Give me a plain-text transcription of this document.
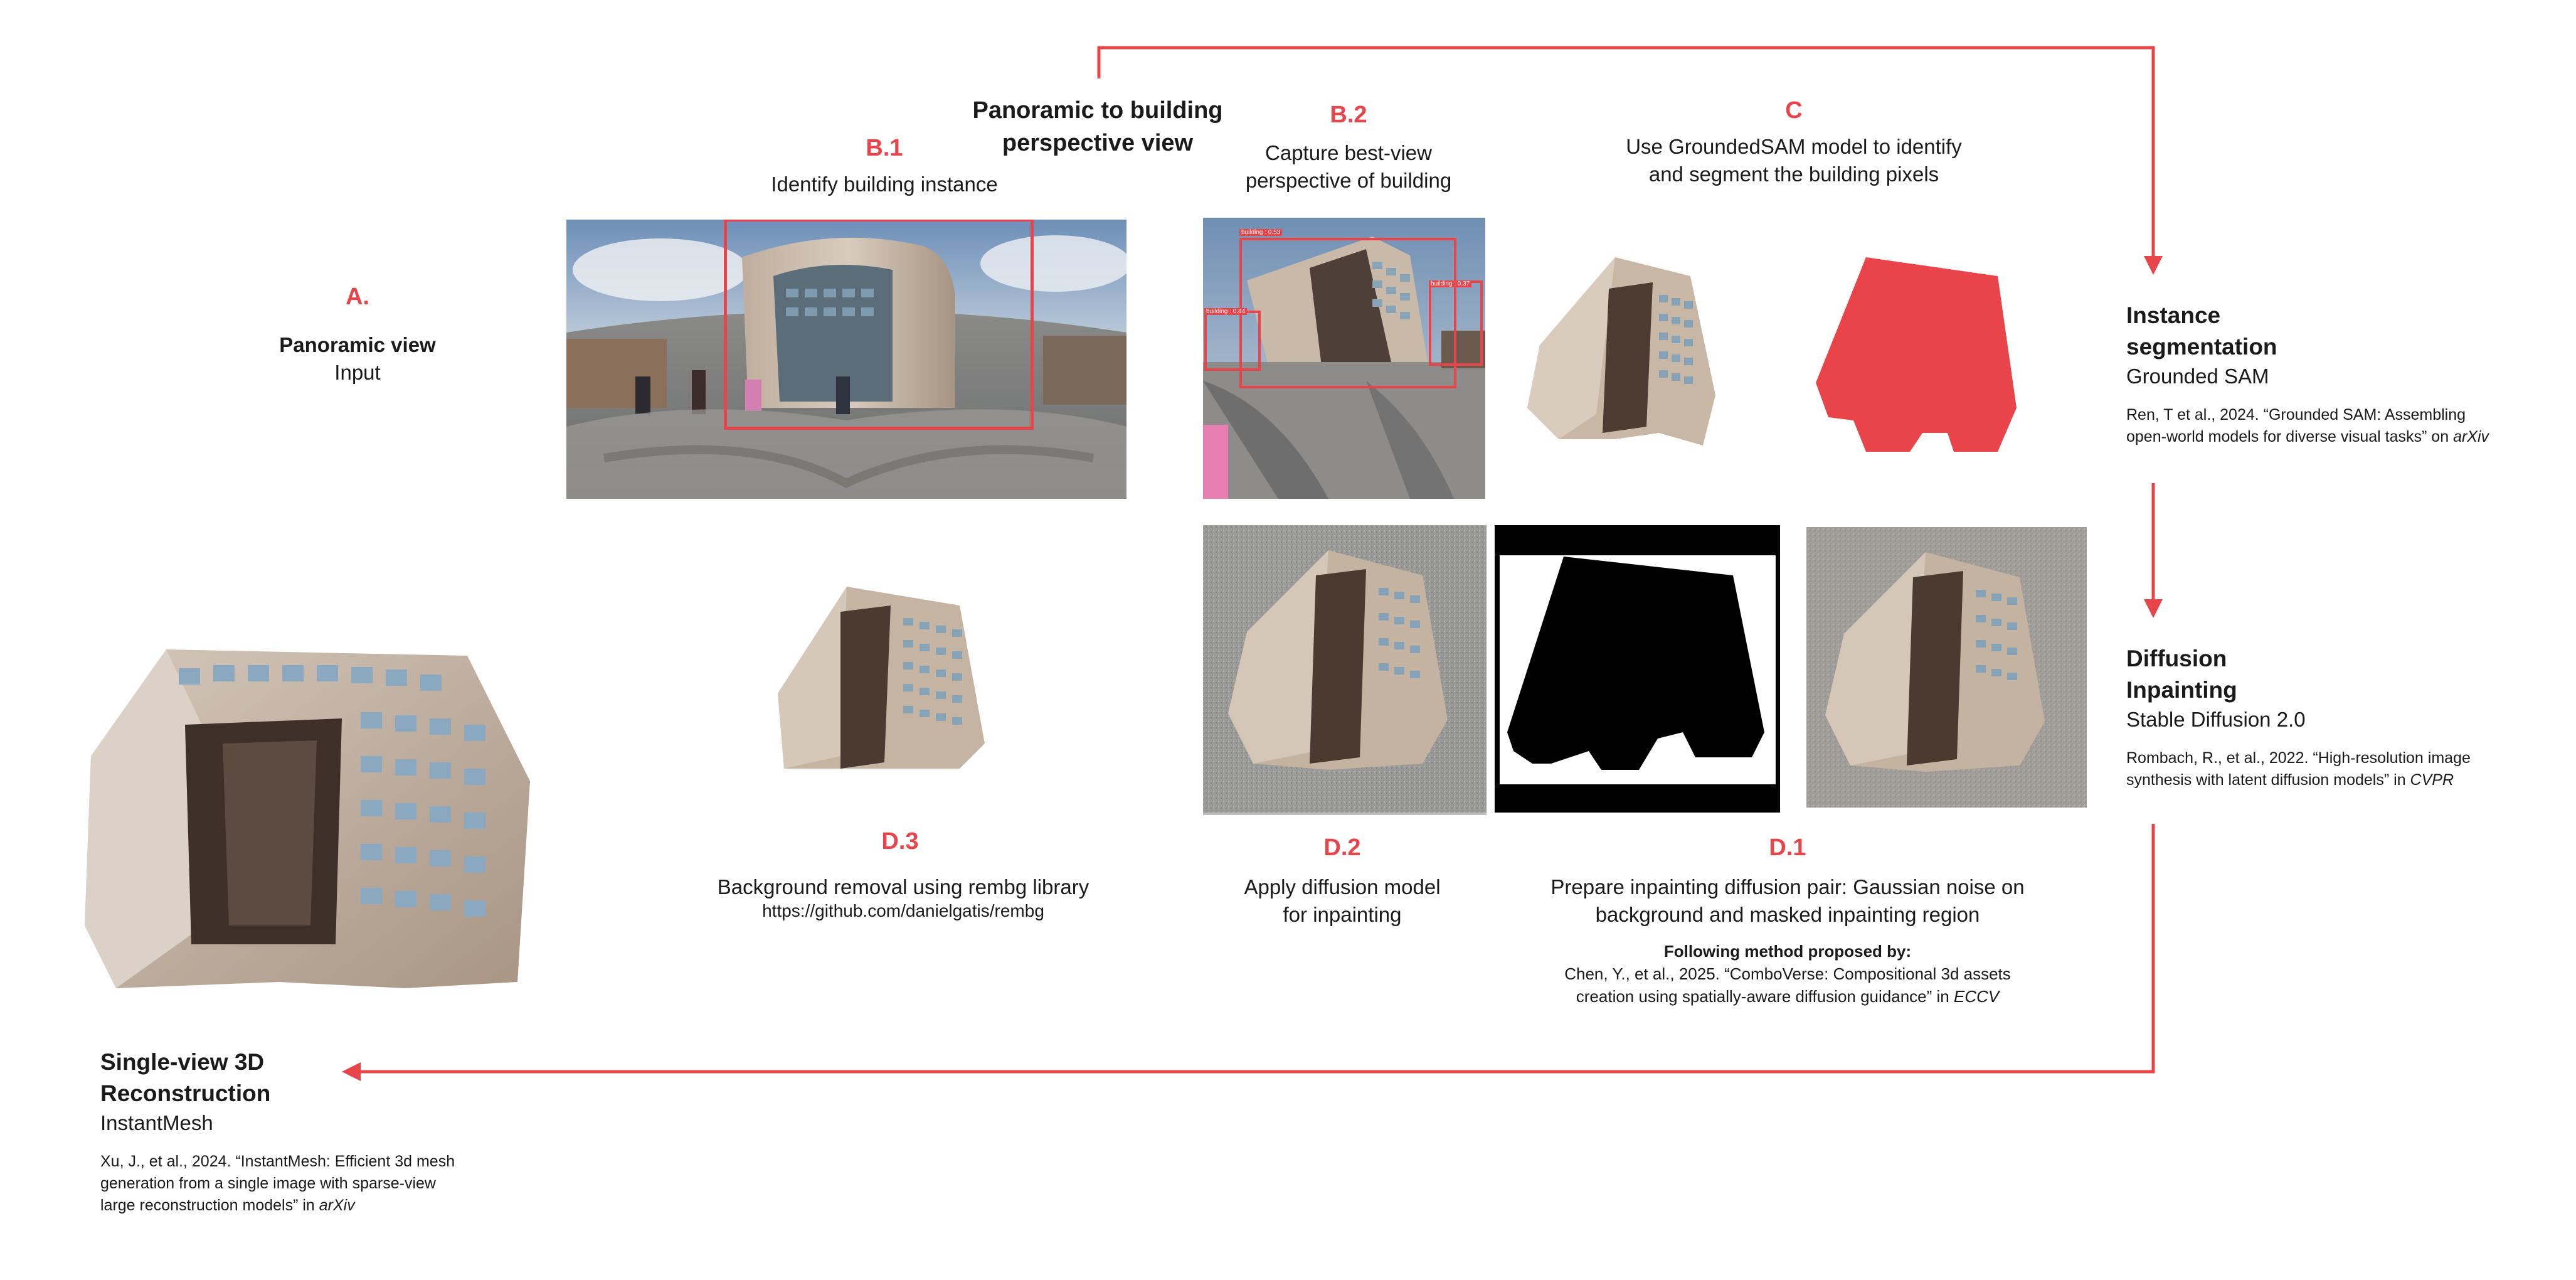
Panoramic to building
perspective view
A.
Panoramic view
Input
B.1
Identify building instance
B.2
Capture best-view
perspective of building
building : 0.53
building : 0.44
building : 0.37
C
Use GroundedSAM model to identify
and segment the building pixels
D.3
Background removal using rembg library
https://github.com/danielgatis/rembg
D.2
Apply diffusion model
for inpainting
D.1
Prepare inpainting diffusion pair: Gaussian noise on
background and masked inpainting region
Following method proposed by:
Chen, Y., et al., 2025. “ComboVerse: Compositional 3d assets
creation using spatially-aware diffusion guidance” in ECCV
Instance
segmentation
Grounded SAM
Ren, T et al., 2024. “Grounded SAM: Assembling
open-world models for diverse visual tasks” on arXiv
Diffusion
Inpainting
Stable Diffusion 2.0
Rombach, R., et al., 2022. “High-resolution image
synthesis with latent diffusion models” in CVPR
Single-view 3D
Reconstruction
InstantMesh
Xu, J., et al., 2024. “InstantMesh: Efficient 3d mesh
generation from a single image with sparse-view
large reconstruction models” in arXiv
